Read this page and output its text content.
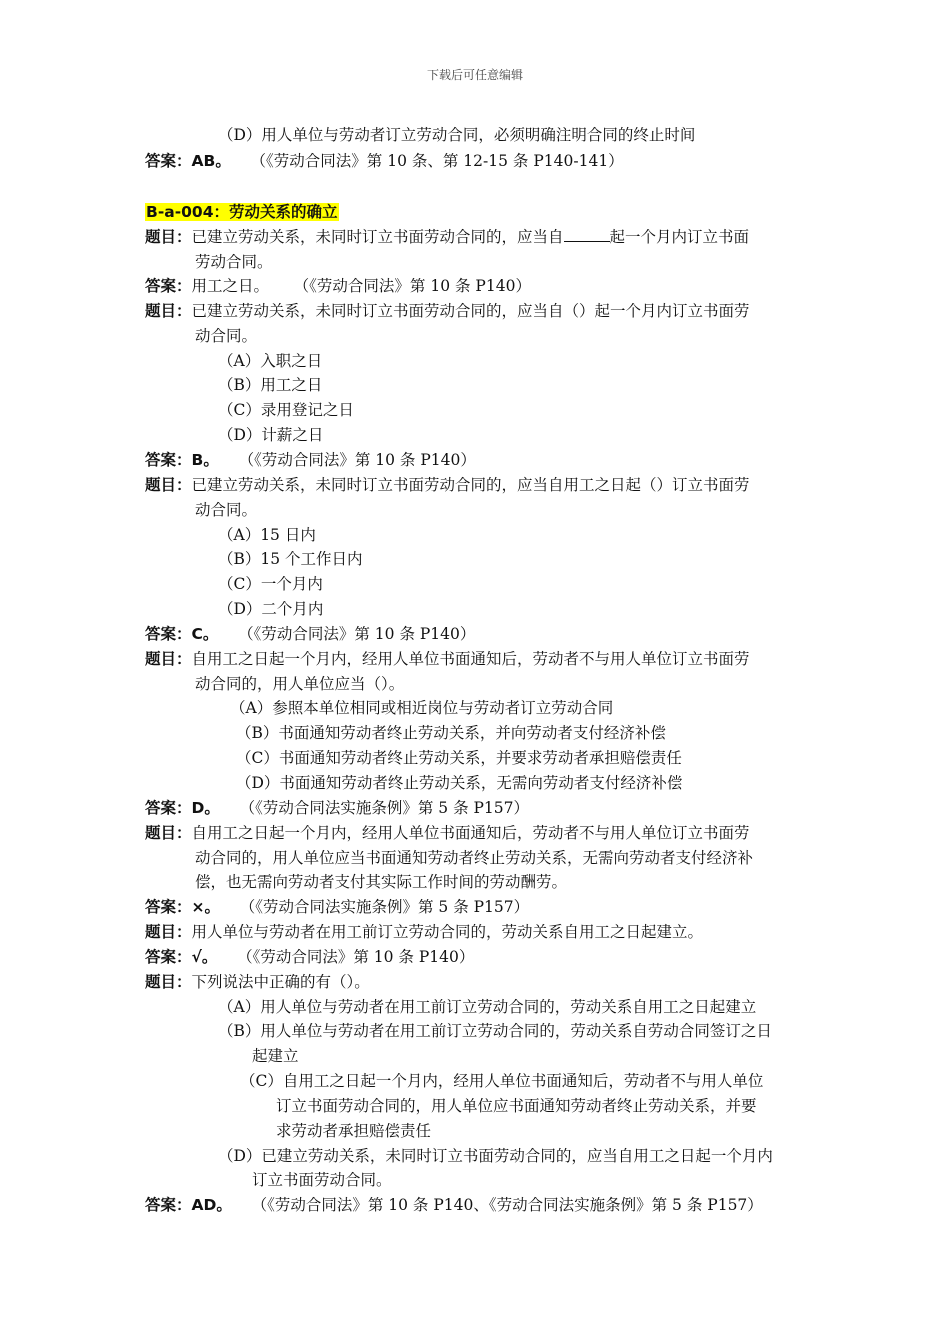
下载后可任意编辑
（D）用人单位与劳动者订立劳动合同，必须明确注明合同的终止时间
答案：AB。 （《劳动合同法》第 10 条、第 12-15 条 P140-141）
B-a-004：劳动关系的确立
题目：已建立劳动关系，未同时订立书面劳动合同的，应当自	起一个月内订立书面
劳动合同。
答案：用工之日。 （《劳动合同法》第 10 条 P140）
题目：已建立劳动关系，未同时订立书面劳动合同的，应当自（）起一个月内订立书面劳
动合同。
（A）入职之日
（B）用工之日
（C）录用登记之日
（D）计薪之日
答案：B。 （《劳动合同法》第 10 条 P140）
题目：已建立劳动关系，未同时订立书面劳动合同的，应当自用工之日起（）订立书面劳
动合同。
（A）15 日内
（B）15 个工作日内
（C）一个月内
（D）二个月内
答案：C。 （《劳动合同法》第 10 条 P140）
题目：自用工之日起一个月内，经用人单位书面通知后，劳动者不与用人单位订立书面劳
动合同的，用人单位应当（）。
（A）参照本单位相同或相近岗位与劳动者订立劳动合同
（B）书面通知劳动者终止劳动关系，并向劳动者支付经济补偿
（C）书面通知劳动者终止劳动关系，并要求劳动者承担赔偿责任
（D）书面通知劳动者终止劳动关系，无需向劳动者支付经济补偿
答案：D。 （《劳动合同法实施条例》第 5 条 P157）
题目：自用工之日起一个月内，经用人单位书面通知后，劳动者不与用人单位订立书面劳
动合同的，用人单位应当书面通知劳动者终止劳动关系，无需向劳动者支付经济补
偿，也无需向劳动者支付其实际工作时间的劳动酬劳。
答案：×。 （《劳动合同法实施条例》第 5 条 P157）
题目：用人单位与劳动者在用工前订立劳动合同的，劳动关系自用工之日起建立。
答案：√。 （《劳动合同法》第 10 条 P140）
题目：下列说法中正确的有（）。
（A）用人单位与劳动者在用工前订立劳动合同的，劳动关系自用工之日起建立
（B）用人单位与劳动者在用工前订立劳动合同的，劳动关系自劳动合同签订之日
起建立
（C）自用工之日起一个月内，经用人单位书面通知后，劳动者不与用人单位
订立书面劳动合同的，用人单位应书面通知劳动者终止劳动关系，并要
求劳动者承担赔偿责任
（D）已建立劳动关系，未同时订立书面劳动合同的，应当自用工之日起一个月内
订立书面劳动合同。
答案：AD。 （《劳动合同法》第 10 条 P140、《劳动合同法实施条例》第 5 条 P157）
